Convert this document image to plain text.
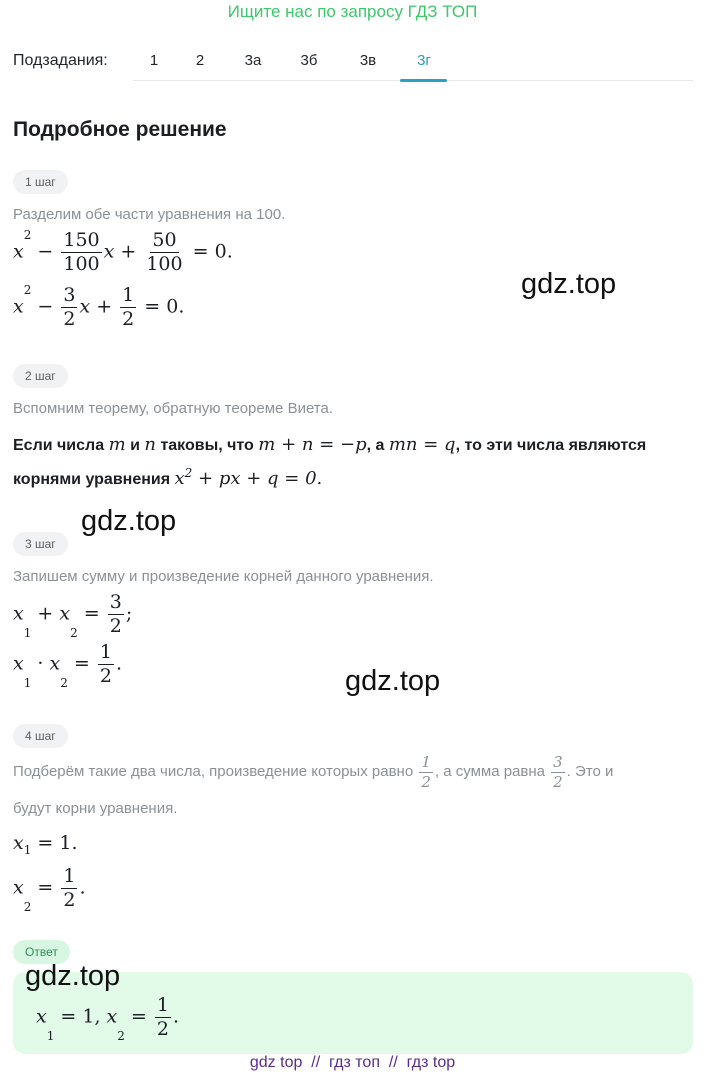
Ищите нас по запросу ГДЗ ТОП
Подзадания:	1	2	3а	3б	3в	3г
Подробное решение
1 шаг
Разделим обе части уравнения на 100.
$x^2 - \frac{150}{100}$ $x + \frac{50}{100} = 0$.
$x^2 - \frac{3}{2}$ $x + \frac{1}{2} = 0$.
2 шаг
Вспомним теорему, обратную теореме Виета.
Если числа m и n таковы, что m + n = −p, а mn = q, то эти числа являются
корнями уравнения $x^2$ + px + q = 0.
3 шаг
Запишем сумму и произведение корней данного уравнения.
$x_1 + x_2 = \frac{3}{2}$ ;
$x_1 \cdot x_2 = \frac{1}{2}$ .
4 шаг
Подберём такие два числа, произведение которых равно $\frac{1}{2}$ , а сумма равна $\frac{3}{2}$ . Это и
будут корни уравнения.
$x_1 = 1$.
$x_2 = \frac{1}{2}$ .
Ответ
$x_1 = 1$, $x_2 = \frac{1}{2}$ .
gdz.top
gdz.top
gdz.top
gdz.top
gdz top  //  гдз топ  //  гдз top
